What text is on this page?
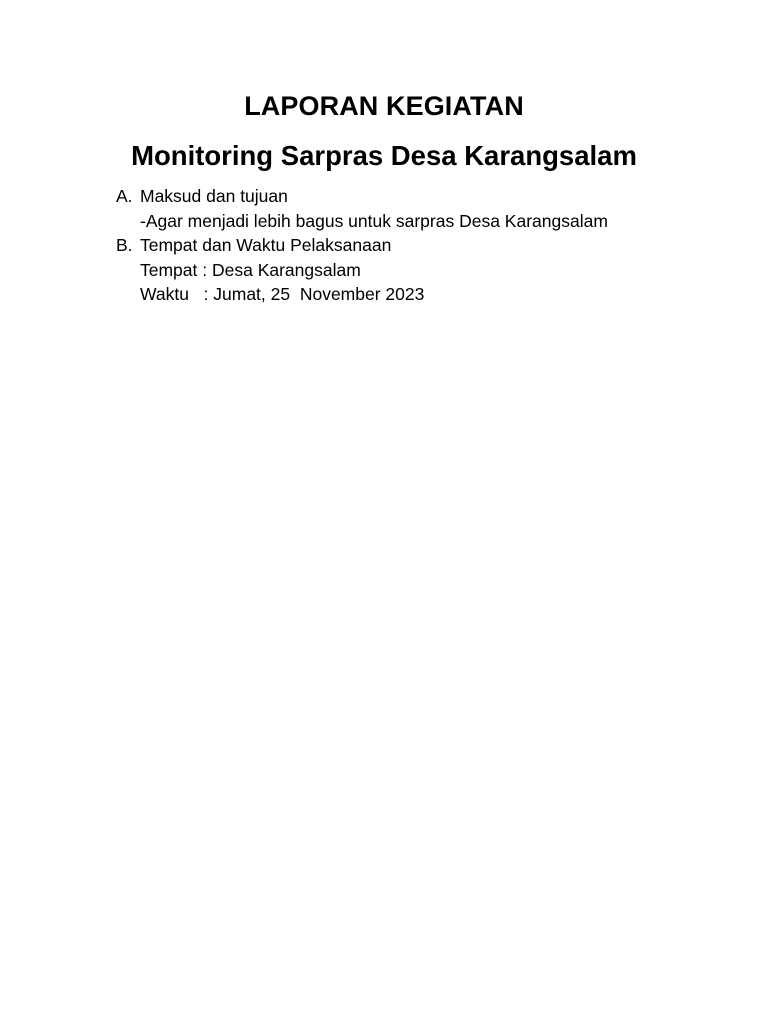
LAPORAN KEGIATAN
Monitoring Sarpras Desa Karangsalam
A. Maksud dan tujuan
-Agar menjadi lebih bagus untuk sarpras Desa Karangsalam
B. Tempat dan Waktu Pelaksanaan
Tempat : Desa Karangsalam
Waktu   : Jumat, 25  November 2023
